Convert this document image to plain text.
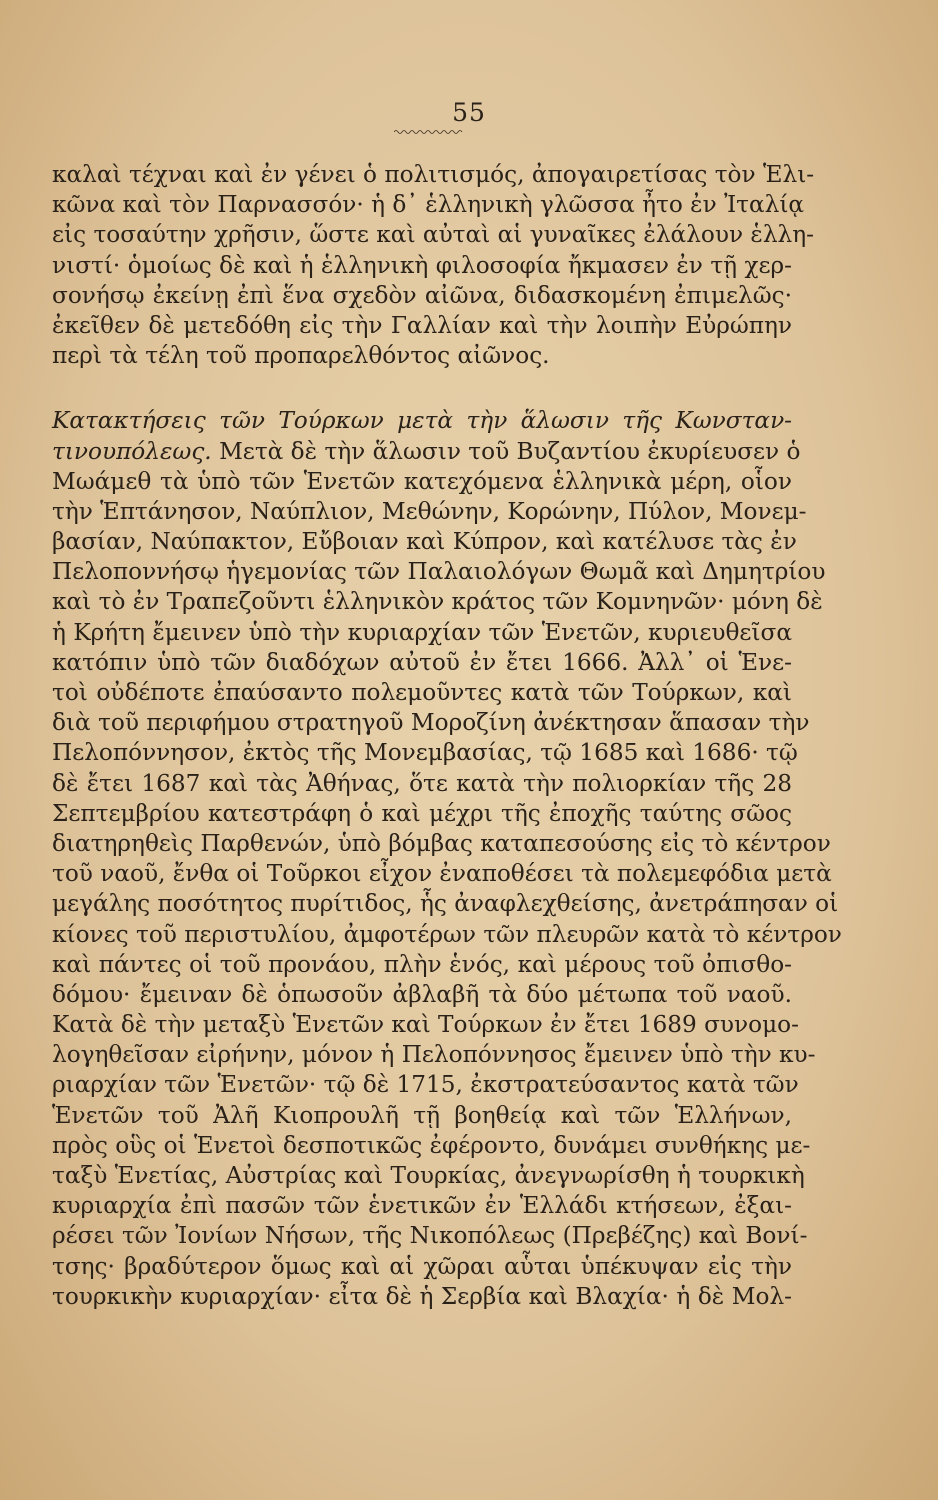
55
καλαὶ τέχναι καὶ ἐν γένει ὁ πολιτισμός, ἀπογαιρετίσας τὸν Ἑλι-
κῶνα καὶ τὸν Παρνασσόν· ἡ δ᾽ ἑλληνικὴ γλῶσσα ἦτο ἐν Ἰταλίᾳ
εἰς τοσαύτην χρῆσιν, ὥστε καὶ αὐταὶ αἱ γυναῖκες ἐλάλουν ἑλλη-
νιστί· ὁμοίως δὲ καὶ ἡ ἑλληνικὴ φιλοσοφία ἤκμασεν ἐν τῇ χερ-
σονήσῳ ἐκείνῃ ἐπὶ ἕνα σχεδὸν αἰῶνα, διδασκομένη ἐπιμελῶς·
ἐκεῖθεν δὲ μετεδόθη εἰς τὴν Γαλλίαν καὶ τὴν λοιπὴν Εὐρώπην
περὶ τὰ τέλη τοῦ προπαρελθόντος αἰῶνος.
Κατακτήσεις τῶν Τούρκων μετὰ τὴν ἅλωσιν τῆς Κωνσταν-
τινουπόλεως. Μετὰ δὲ τὴν ἅλωσιν τοῦ Βυζαντίου ἐκυρίευσεν ὁ
Μωάμεθ τὰ ὑπὸ τῶν Ἑνετῶν κατεχόμενα ἑλληνικὰ μέρη, οἷον
τὴν Ἑπτάνησον, Ναύπλιον, Μεθώνην, Κορώνην, Πύλον, Μονεμ-
βασίαν, Ναύπακτον, Εὔβοιαν καὶ Κύπρον, καὶ κατέλυσε τὰς ἐν
Πελοποννήσῳ ἡγεμονίας τῶν Παλαιολόγων Θωμᾶ καὶ Δημητρίου
καὶ τὸ ἐν Τραπεζοῦντι ἑλληνικὸν κράτος τῶν Κομνηνῶν· μόνη δὲ
ἡ Κρήτη ἔμεινεν ὑπὸ τὴν κυριαρχίαν τῶν Ἑνετῶν, κυριευθεῖσα
κατόπιν ὑπὸ τῶν διαδόχων αὐτοῦ ἐν ἔτει 1666. Ἀλλ᾽ οἱ Ἑνε-
τοὶ οὐδέποτε ἐπαύσαντο πολεμοῦντες κατὰ τῶν Τούρκων, καὶ
διὰ τοῦ περιφήμου στρατηγοῦ Μοροζίνη ἀνέκτησαν ἅπασαν τὴν
Πελοπόννησον, ἐκτὸς τῆς Μονεμβασίας, τῷ 1685 καὶ 1686· τῷ
δὲ ἔτει 1687 καὶ τὰς Ἀθήνας, ὅτε κατὰ τὴν πολιορκίαν τῆς 28
Σεπτεμβρίου κατεστράφη ὁ καὶ μέχρι τῆς ἐποχῆς ταύτης σῶος
διατηρηθεὶς Παρθενών, ὑπὸ βόμβας καταπεσούσης εἰς τὸ κέντρον
τοῦ ναοῦ, ἔνθα οἱ Τοῦρκοι εἶχον ἐναποθέσει τὰ πολεμεφόδια μετὰ
μεγάλης ποσότητος πυρίτιδος, ἧς ἀναφλεχθείσης, ἀνετράπησαν οἱ
κίονες τοῦ περιστυλίου, ἀμφοτέρων τῶν πλευρῶν κατὰ τὸ κέντρον
καὶ πάντες οἱ τοῦ προνάου, πλὴν ἑνός, καὶ μέρους τοῦ ὀπισθο-
δόμου· ἔμειναν δὲ ὁπωσοῦν ἀβλαβῆ τὰ δύο μέτωπα τοῦ ναοῦ.
Κατὰ δὲ τὴν μεταξὺ Ἑνετῶν καὶ Τούρκων ἐν ἔτει 1689 συνομο-
λογηθεῖσαν εἰρήνην, μόνον ἡ Πελοπόννησος ἔμεινεν ὑπὸ τὴν κυ-
ριαρχίαν τῶν Ἑνετῶν· τῷ δὲ 1715, ἐκστρατεύσαντος κατὰ τῶν
Ἑνετῶν τοῦ Ἀλῆ Κιοπρουλῆ τῇ βοηθείᾳ καὶ τῶν Ἑλλήνων,
πρὸς οὓς οἱ Ἑνετοὶ δεσποτικῶς ἐφέροντο, δυνάμει συνθήκης με-
ταξὺ Ἑνετίας, Αὐστρίας καὶ Τουρκίας, ἀνεγνωρίσθη ἡ τουρκικὴ
κυριαρχία ἐπὶ πασῶν τῶν ἑνετικῶν ἐν Ἑλλάδι κτήσεων, ἐξαι-
ρέσει τῶν Ἰονίων Νήσων, τῆς Νικοπόλεως (Πρεβέζης) καὶ Βονί-
τσης· βραδύτερον ὅμως καὶ αἱ χῶραι αὗται ὑπέκυψαν εἰς τὴν
τουρκικὴν κυριαρχίαν· εἶτα δὲ ἡ Σερβία καὶ Βλαχία· ἡ δὲ Μολ-
